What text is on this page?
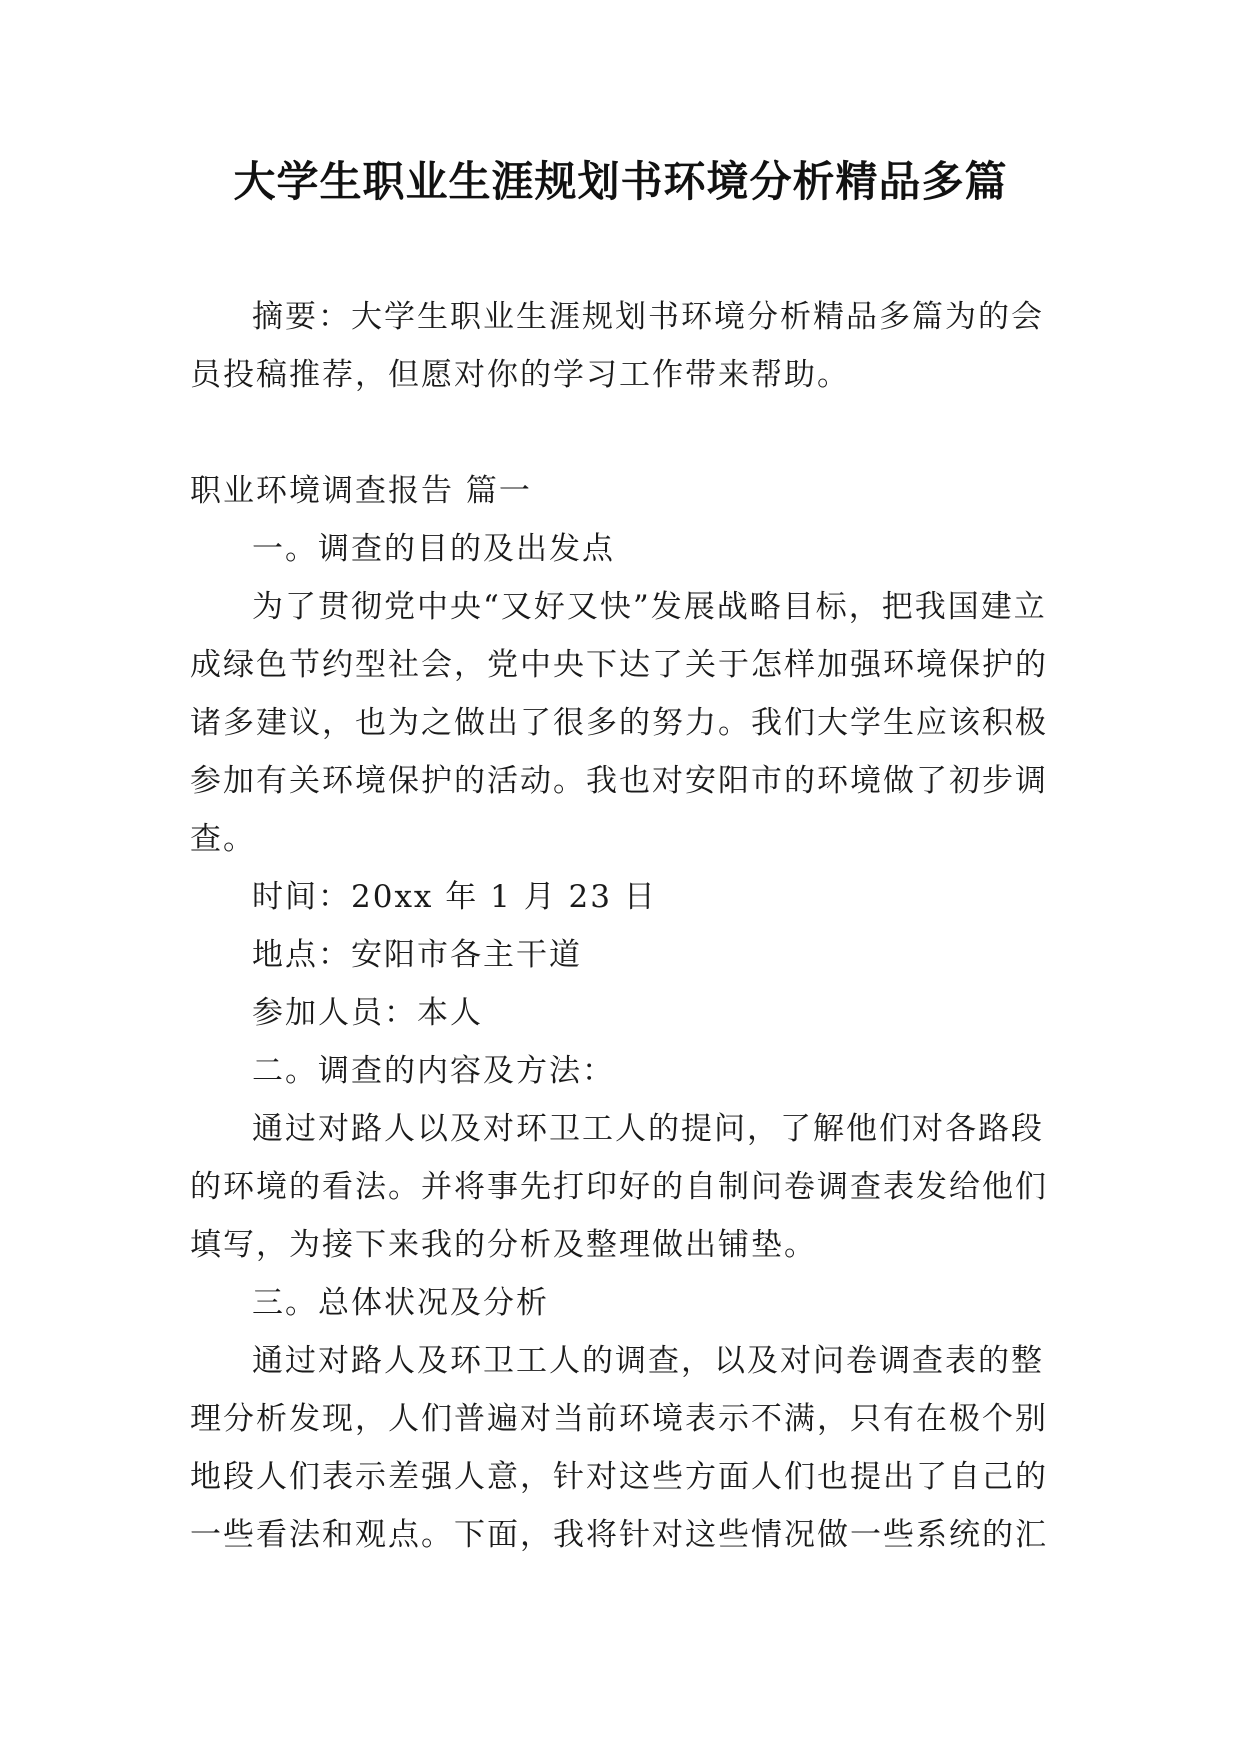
大学生职业生涯规划书环境分析精品多篇

摘要：大学生职业生涯规划书环境分析精品多篇为的会员投稿推荐，但愿对你的学习工作带来帮助。

职业环境调查报告 篇一

一。调查的目的及出发点

为了贯彻党中央“又好又快”发展战略目标，把我国建立成绿色节约型社会，党中央下达了关于怎样加强环境保护的诸多建议，也为之做出了很多的努力。我们大学生应该积极参加有关环境保护的活动。我也对安阳市的环境做了初步调查。

时间：20xx 年 1 月 23 日

地点：安阳市各主干道

参加人员：本人

二。调查的内容及方法：

通过对路人以及对环卫工人的提问，了解他们对各路段的环境的看法。并将事先打印好的自制问卷调查表发给他们填写，为接下来我的分析及整理做出铺垫。

三。总体状况及分析

通过对路人及环卫工人的调查，以及对问卷调查表的整理分析发现，人们普遍对当前环境表示不满，只有在极个别地段人们表示差强人意，针对这些方面人们也提出了自己的一些看法和观点。下面，我将针对这些情况做一些系统的汇
